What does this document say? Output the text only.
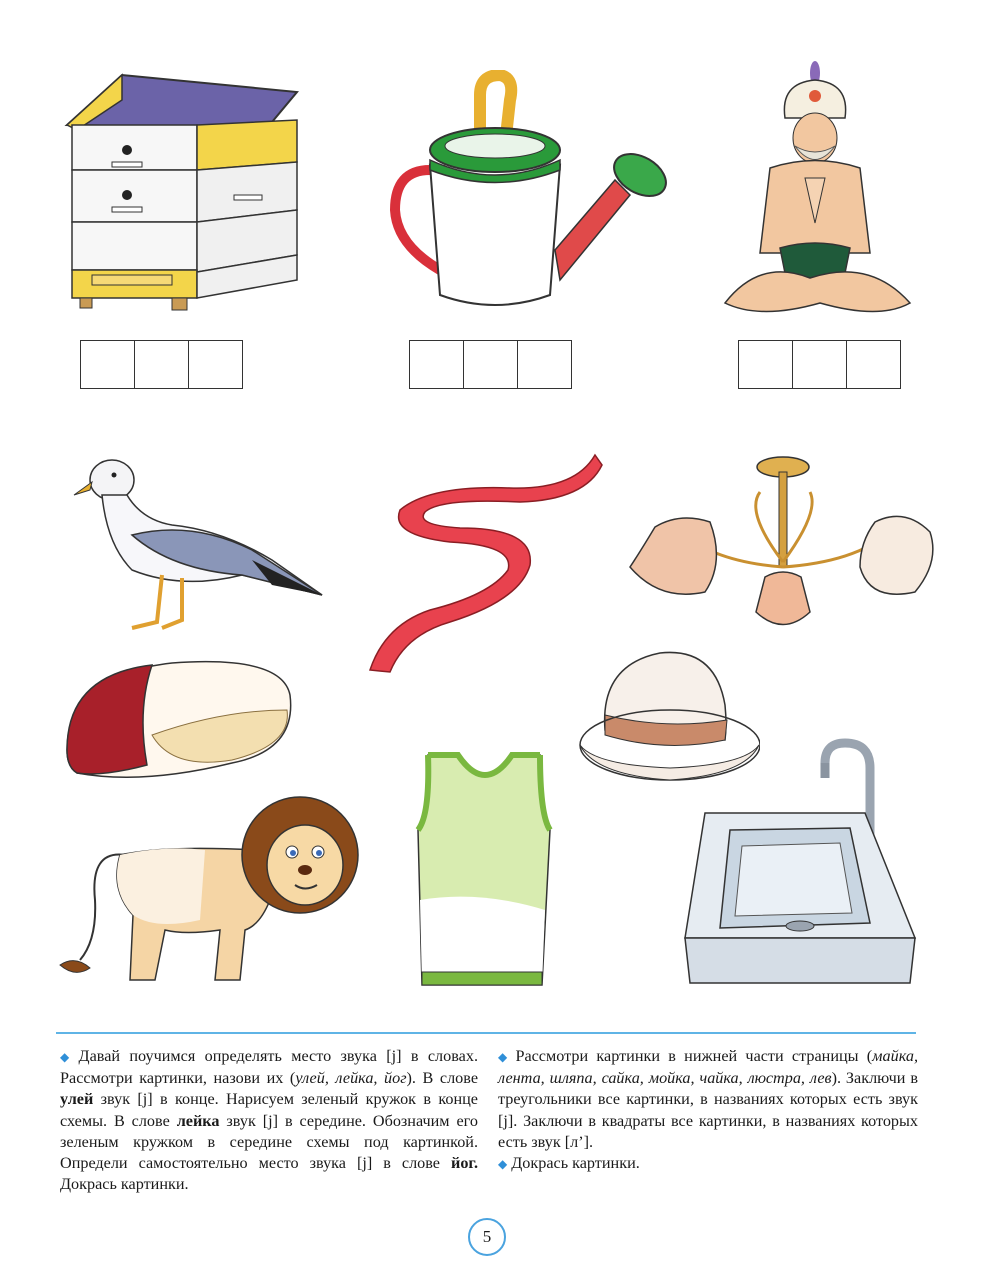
◆ Давай поучимся определять место звука [j] в словах. Рассмотри картинки, назови их (улей, лейка, йог). В слове улей звук [j] в конце. Нарисуем зеленый кружок в конце схемы. В слове лейка звук [j] в середине. Обозначим его зеленым кружком в середине схемы под картинкой. Определи самостоятельно место звука [j] в слове йог. Докрась картинки.

◆ Рассмотри картинки в нижней части страницы (майка, лента, шляпа, сайка, мойка, чайка, люстра, лев). Заключи в треугольники все картинки, в названиях которых есть звук [j]. Заключи в квадраты все картинки, в названиях которых есть звук [л’].

◆ Докрась картинки.

5
